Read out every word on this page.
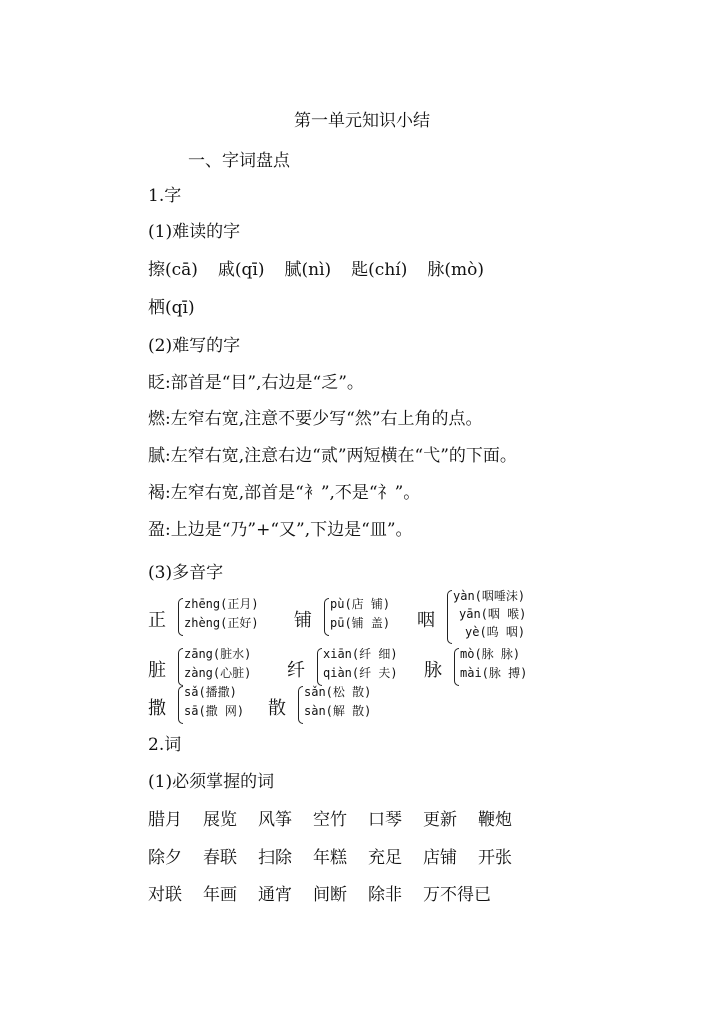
第一单元知识小结
一、字词盘点
1.字
(1)难读的字
擦(cā) 戚(qī) 腻(nì) 匙(chí) 脉(mò)
栖(qī)
(2)难写的字
眨:部首是“目”,右边是“乏”。
燃:左窄右宽,注意不要少写“然”右上角的点。
腻:左窄右宽,注意右边“贰”两短横在“弋”的下面。
褐:左窄右宽,部首是“衤”,不是“礻”。
盈:上边是“乃”+“又”,下边是“皿”。
(3)多音字
正
zhēng(正月)
zhèng(正好) 铺
pù(店 铺)
pū(铺 盖) 咽
yàn(咽唾沫)
yān(咽 喉)
yè(呜 咽)
脏
zāng(脏水)
zàng(心脏) 纤
xiān(纤 细)
qiàn(纤 夫) 脉
mò(脉 脉)
mài(脉 搏)
撒
sǎ(播撒)
sā(撒 网) 散
sǎn(松 散)
sàn(解 散)
2.词
(1)必须掌握的词
腊月 展览 风筝 空竹 口琴 更新 鞭炮
除夕 春联 扫除 年糕 充足 店铺 开张
对联 年画 通宵 间断 除非 万不得已
